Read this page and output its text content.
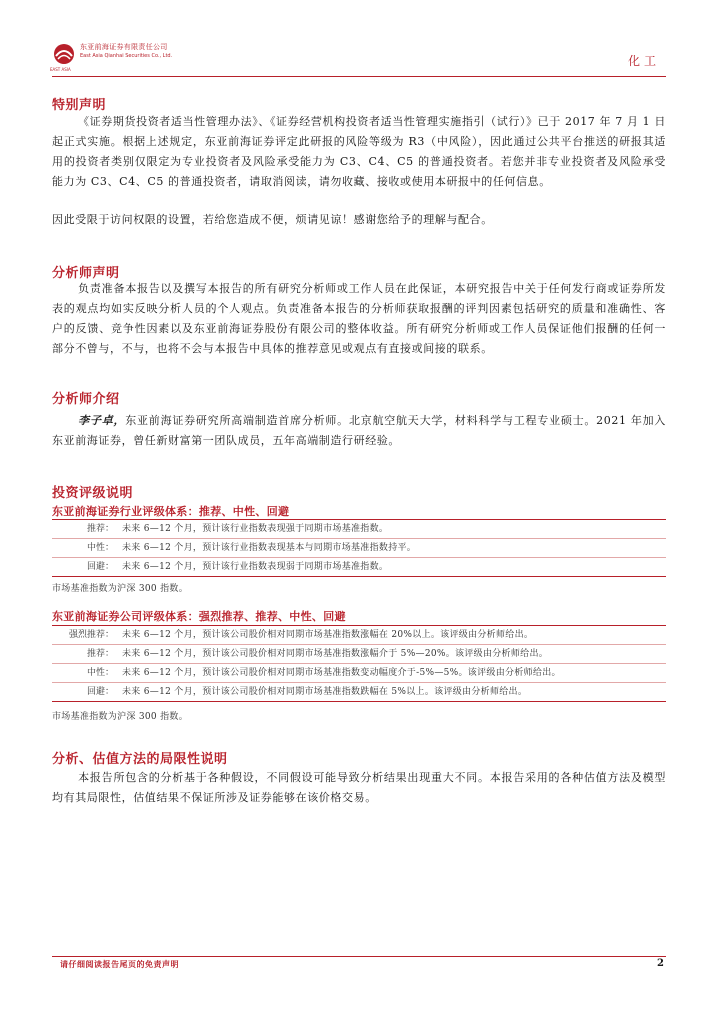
东亚前海证券有限责任公司
East Asia Qianhai Securities Co., Ltd.
EAST ASIA
化工
特别声明
《证券期货投资者适当性管理办法》、《证券经营机构投资者适当性管理实施指引（试行）》已于 2017 年 7 月 1 日起正式实施。根据上述规定，东亚前海证券评定此研报的风险等级为 R3（中风险），因此通过公共平台推送的研报其适用的投资者类别仅限定为专业投资者及风险承受能力为 C3、C4、C5 的普通投资者。若您并非专业投资者及风险承受能力为 C3、C4、C5 的普通投资者，请取消阅读，请勿收藏、接收或使用本研报中的任何信息。
因此受限于访问权限的设置，若给您造成不便，烦请见谅！感谢您给予的理解与配合。
分析师声明
负责准备本报告以及撰写本报告的所有研究分析师或工作人员在此保证，本研究报告中关于任何发行商或证券所发表的观点均如实反映分析人员的个人观点。负责准备本报告的分析师获取报酬的评判因素包括研究的质量和准确性、客户的反馈、竞争性因素以及东亚前海证券股份有限公司的整体收益。所有研究分析师或工作人员保证他们报酬的任何一部分不曾与，不与，也将不会与本报告中具体的推荐意见或观点有直接或间接的联系。
分析师介绍
李子卓，东亚前海证券研究所高端制造首席分析师。北京航空航天大学，材料科学与工程专业硕士。2021 年加入东亚前海证券，曾任新财富第一团队成员，五年高端制造行研经验。
投资评级说明
东亚前海证券行业评级体系：推荐、中性、回避
推荐： 未来 6—12 个月，预计该行业指数表现强于同期市场基准指数。
中性： 未来 6—12 个月，预计该行业指数表现基本与同期市场基准指数持平。
回避： 未来 6—12 个月，预计该行业指数表现弱于同期市场基准指数。
市场基准指数为沪深 300 指数。
东亚前海证券公司评级体系：强烈推荐、推荐、中性、回避
强烈推荐： 未来 6—12 个月，预计该公司股价相对同期市场基准指数涨幅在 20%以上。该评级由分析师给出。
推荐： 未来 6—12 个月，预计该公司股价相对同期市场基准指数涨幅介于 5%—20%。该评级由分析师给出。
中性： 未来 6—12 个月，预计该公司股价相对同期市场基准指数变动幅度介于-5%—5%。该评级由分析师给出。
回避： 未来 6—12 个月，预计该公司股价相对同期市场基准指数跌幅在 5%以上。该评级由分析师给出。
市场基准指数为沪深 300 指数。
分析、估值方法的局限性说明
本报告所包含的分析基于各种假设，不同假设可能导致分析结果出现重大不同。本报告采用的各种估值方法及模型均有其局限性，估值结果不保证所涉及证券能够在该价格交易。
请仔细阅读报告尾页的免责声明	2
